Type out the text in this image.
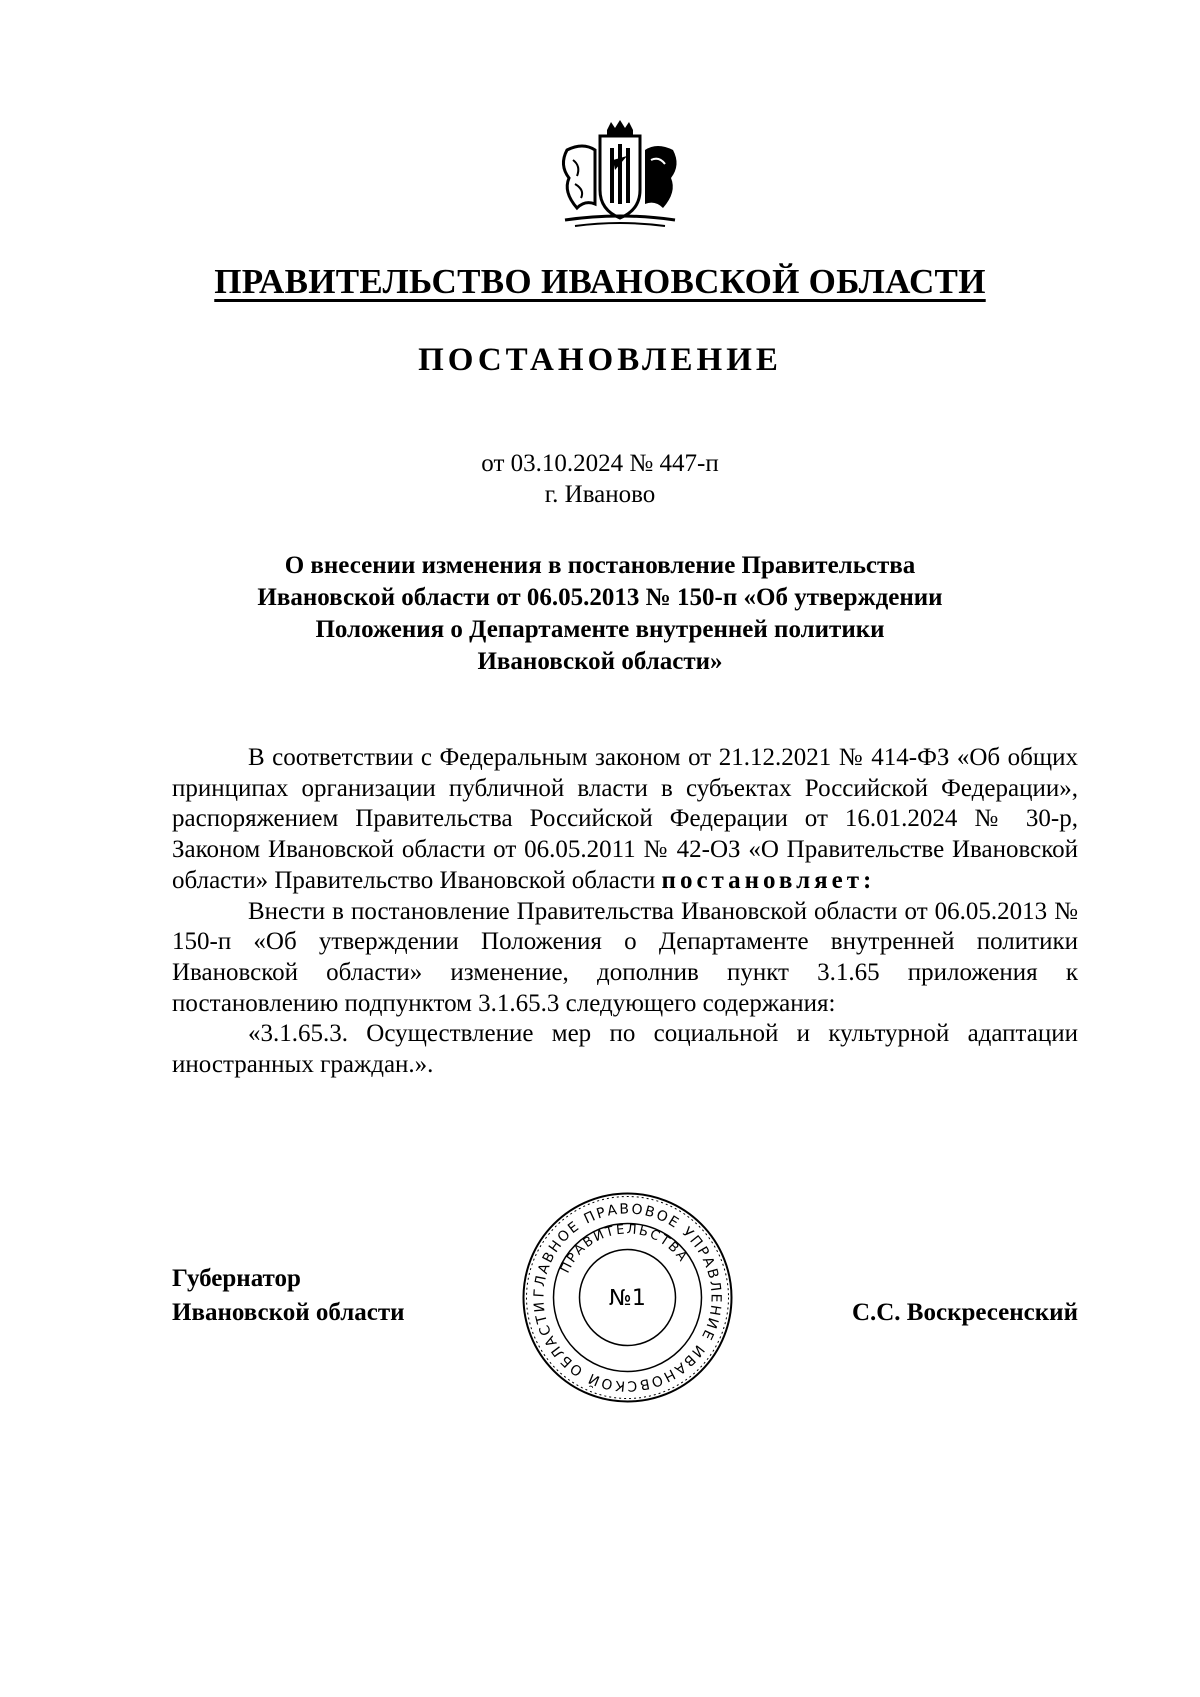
ПРАВИТЕЛЬСТВО ИВАНОВСКОЙ ОБЛАСТИ
ПОСТАНОВЛЕНИЕ
от 03.10.2024 № 447-п
г. Иваново
О внесении изменения в постановление Правительства
Ивановской области от 06.05.2013 № 150-п «Об утверждении
Положения о Департаменте внутренней политики
Ивановской области»

В соответствии с Федеральным законом от 21.12.2021 № 414-ФЗ «Об общих принципах организации публичной власти в субъектах Российской Федерации», распоряжением Правительства Российской Федерации от 16.01.2024 № 30-р, Законом Ивановской области от 06.05.2011 № 42-ОЗ «О Правительстве Ивановской области» Правительство Ивановской области постановляет:

Внести в постановление Правительства Ивановской области от 06.05.2013 № 150-п «Об утверждении Положения о Департаменте внутренней политики Ивановской области» изменение, дополнив пункт 3.1.65 приложения к постановлению подпунктом 3.1.65.3 следующего содержания:

«3.1.65.3. Осуществление мер по социальной и культурной адаптации иностранных граждан.».

Губернатор
Ивановской области
ГЛАВНОЕ ПРАВОВОЕ УПРАВЛЕНИЕ ИВАНОВСКОЙ ОБЛАСТИ
ПРАВИТЕЛЬСТВА
№1
С.С. Воскресенский
